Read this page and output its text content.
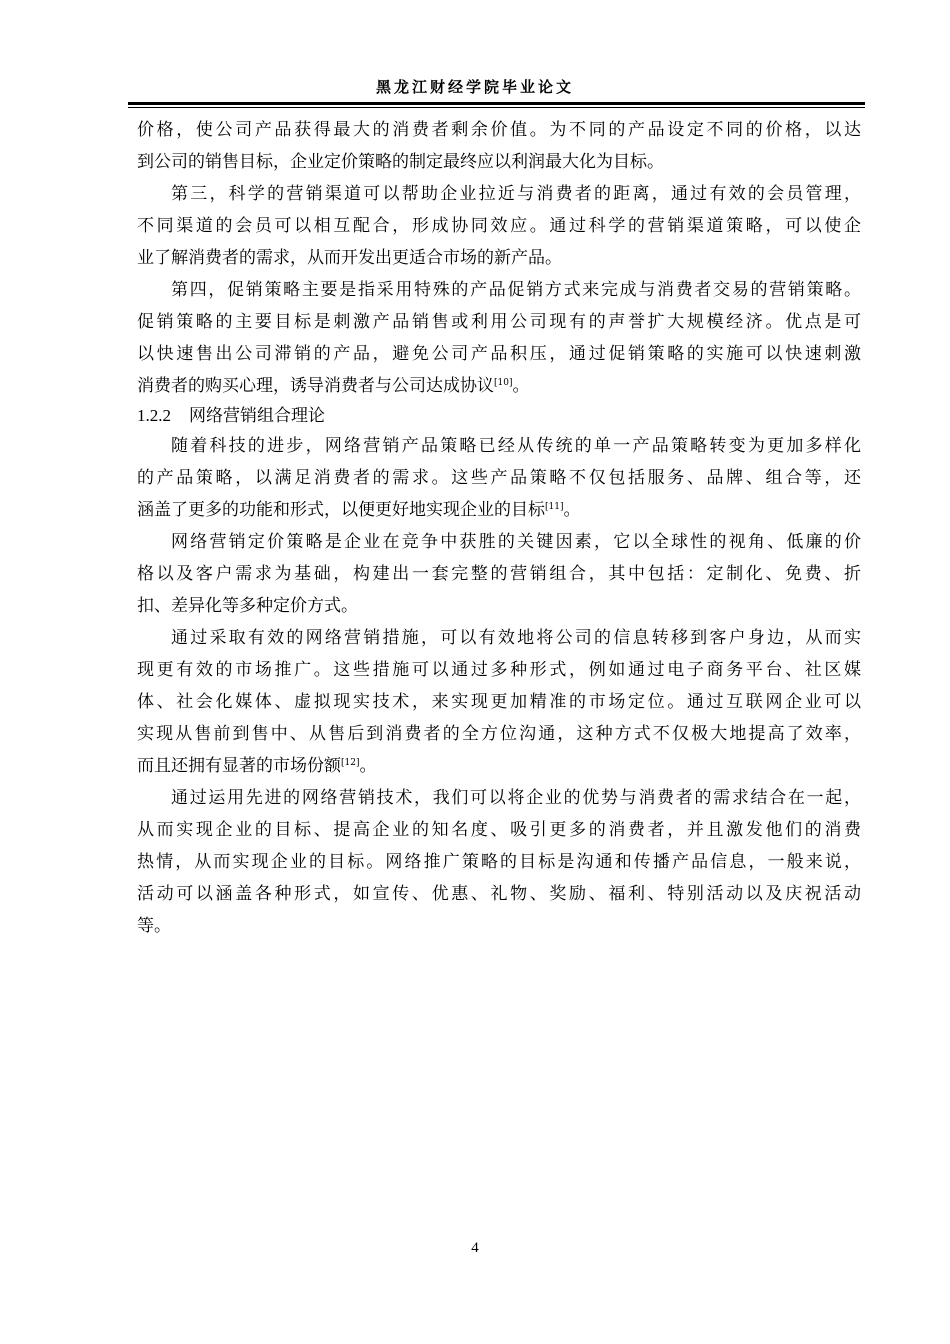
黑龙江财经学院毕业论文
价格，使公司产品获得最大的消费者剩余价值。为不同的产品设定不同的价格，以达
到公司的销售目标，企业定价策略的制定最终应以利润最大化为目标。
第三，科学的营销渠道可以帮助企业拉近与消费者的距离，通过有效的会员管理，
不同渠道的会员可以相互配合，形成协同效应。通过科学的营销渠道策略，可以使企
业了解消费者的需求，从而开发出更适合市场的新产品。
第四，促销策略主要是指采用特殊的产品促销方式来完成与消费者交易的营销策略。
促销策略的主要目标是刺激产品销售或利用公司现有的声誉扩大规模经济。优点是可
以快速售出公司滞销的产品，避免公司产品积压，通过促销策略的实施可以快速刺激
消费者的购买心理，诱导消费者与公司达成协议[10]。
1.2.2 网络营销组合理论
随着科技的进步，网络营销产品策略已经从传统的单一产品策略转变为更加多样化
的产品策略，以满足消费者的需求。这些产品策略不仅包括服务、品牌、组合等，还
涵盖了更多的功能和形式，以便更好地实现企业的目标[11]。
网络营销定价策略是企业在竞争中获胜的关键因素，它以全球性的视角、低廉的价
格以及客户需求为基础，构建出一套完整的营销组合，其中包括：定制化、免费、折
扣、差异化等多种定价方式。
通过采取有效的网络营销措施，可以有效地将公司的信息转移到客户身边，从而实
现更有效的市场推广。这些措施可以通过多种形式，例如通过电子商务平台、社区媒
体、社会化媒体、虚拟现实技术，来实现更加精准的市场定位。通过互联网企业可以
实现从售前到售中、从售后到消费者的全方位沟通，这种方式不仅极大地提高了效率，
而且还拥有显著的市场份额[12]。
通过运用先进的网络营销技术，我们可以将企业的优势与消费者的需求结合在一起，
从而实现企业的目标、提高企业的知名度、吸引更多的消费者，并且激发他们的消费
热情，从而实现企业的目标。网络推广策略的目标是沟通和传播产品信息，一般来说，
活动可以涵盖各种形式，如宣传、优惠、礼物、奖励、福利、特别活动以及庆祝活动
等。
4
